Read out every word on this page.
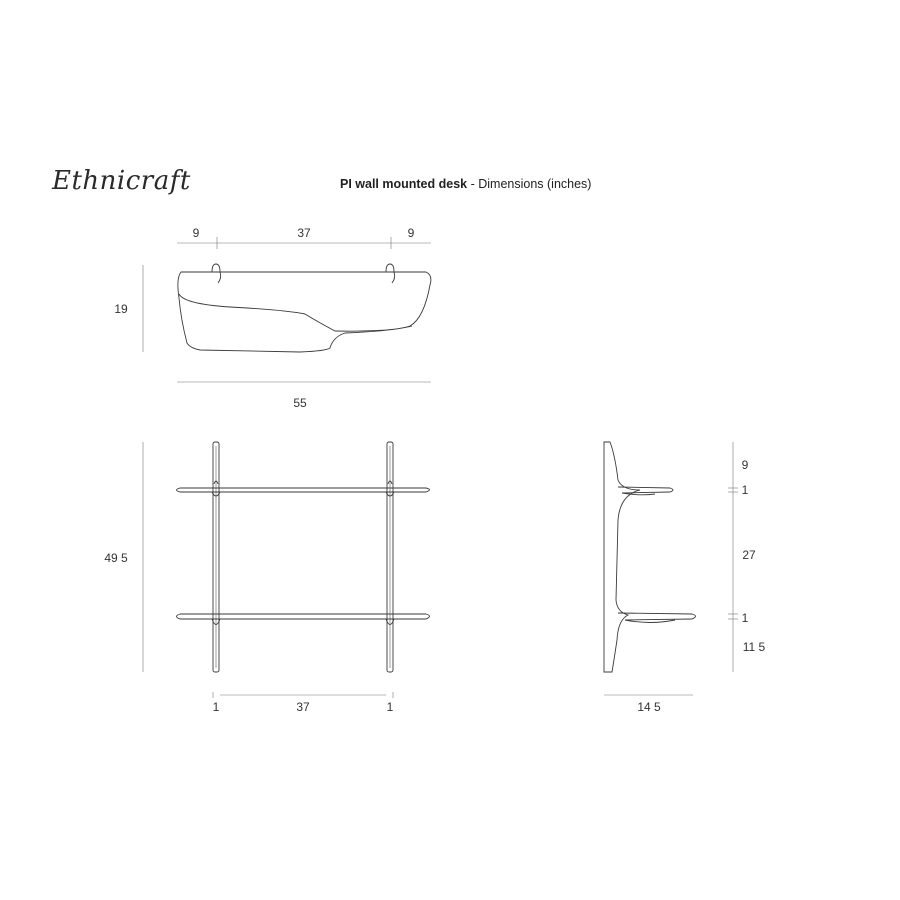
Ethnicraft	PI wall mounted desk - Dimensions (inches)
9	37	9
19
55
49 5
1	37	1
9
1
27
1
11 5
14 5
